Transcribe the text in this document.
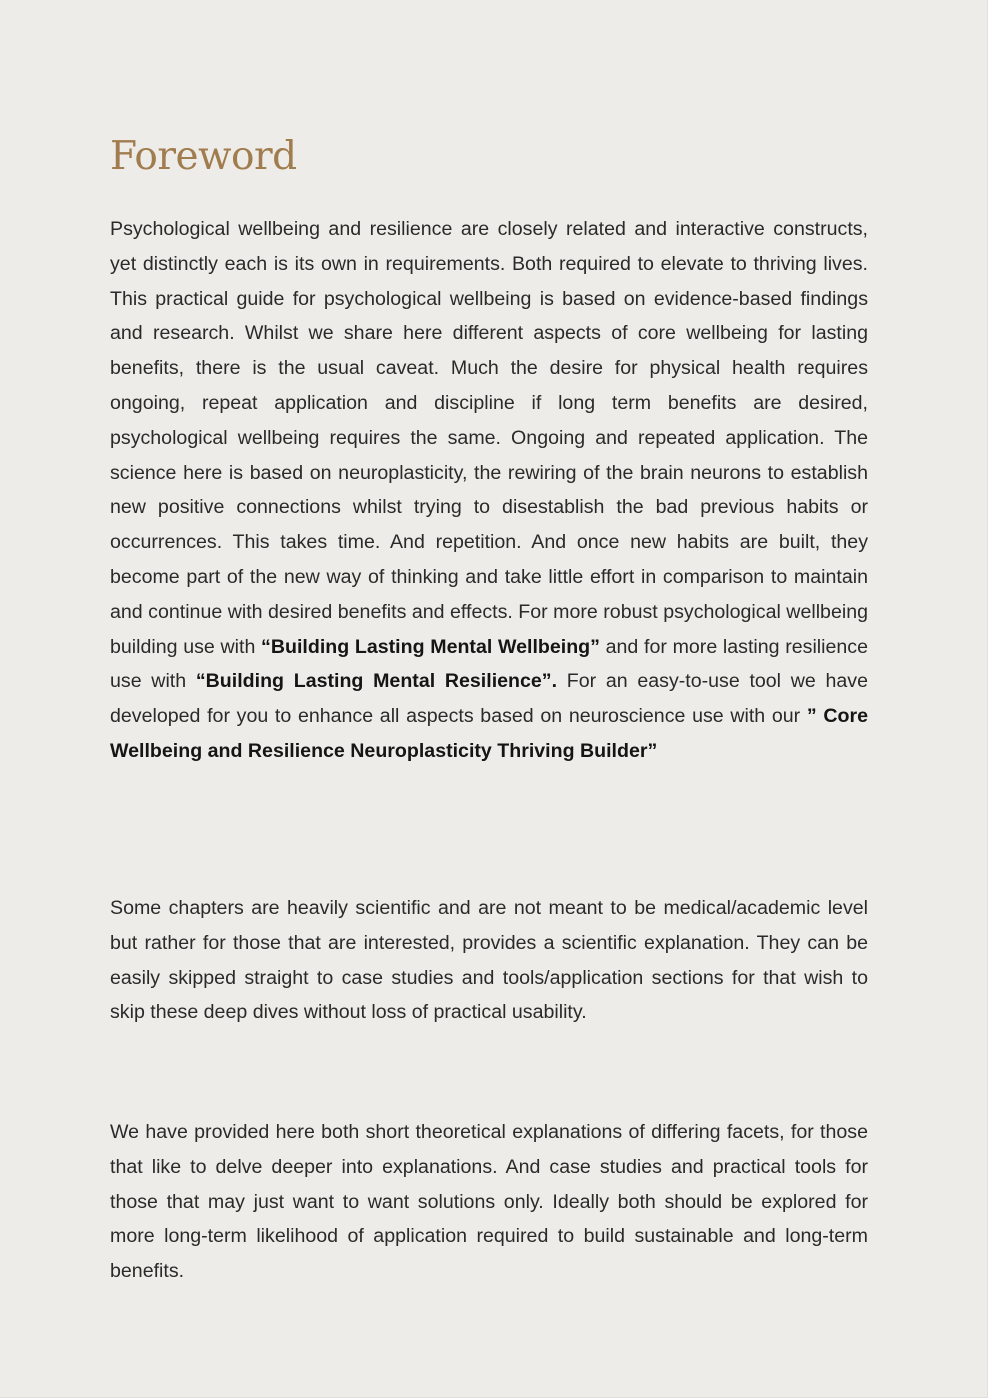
Foreword

Psychological wellbeing and resilience are closely related and interactive constructs, yet distinctly each is its own in requirements. Both required to elevate to thriving lives. This practical guide for psychological wellbeing is based on evidence-based findings and research. Whilst we share here different aspects of core wellbeing for lasting benefits, there is the usual caveat. Much the desire for physical health requires ongoing, repeat application and discipline if long term benefits are desired, psychological wellbeing requires the same. Ongoing and repeated application. The science here is based on neuroplasticity, the rewiring of the brain neurons to establish new positive connections whilst trying to disestablish the bad previous habits or occurrences. This takes time. And repetition. And once new habits are built, they become part of the new way of thinking and take little effort in comparison to maintain and continue with desired benefits and effects. For more robust psychological wellbeing building use with “Building Lasting Mental Wellbeing” and for more lasting resilience use with “Building Lasting Mental Resilience”. For an easy-to-use tool we have developed for you to enhance all aspects based on neuroscience use with our ” Core Wellbeing and Resilience Neuroplasticity Thriving Builder”

Some chapters are heavily scientific and are not meant to be medical/academic level but rather for those that are interested, provides a scientific explanation. They can be easily skipped straight to case studies and tools/application sections for that wish to skip these deep dives without loss of practical usability.

We have provided here both short theoretical explanations of differing facets, for those that like to delve deeper into explanations. And case studies and practical tools for those that may just want to want solutions only. Ideally both should be explored for more long-term likelihood of application required to build sustainable and long-term benefits.
